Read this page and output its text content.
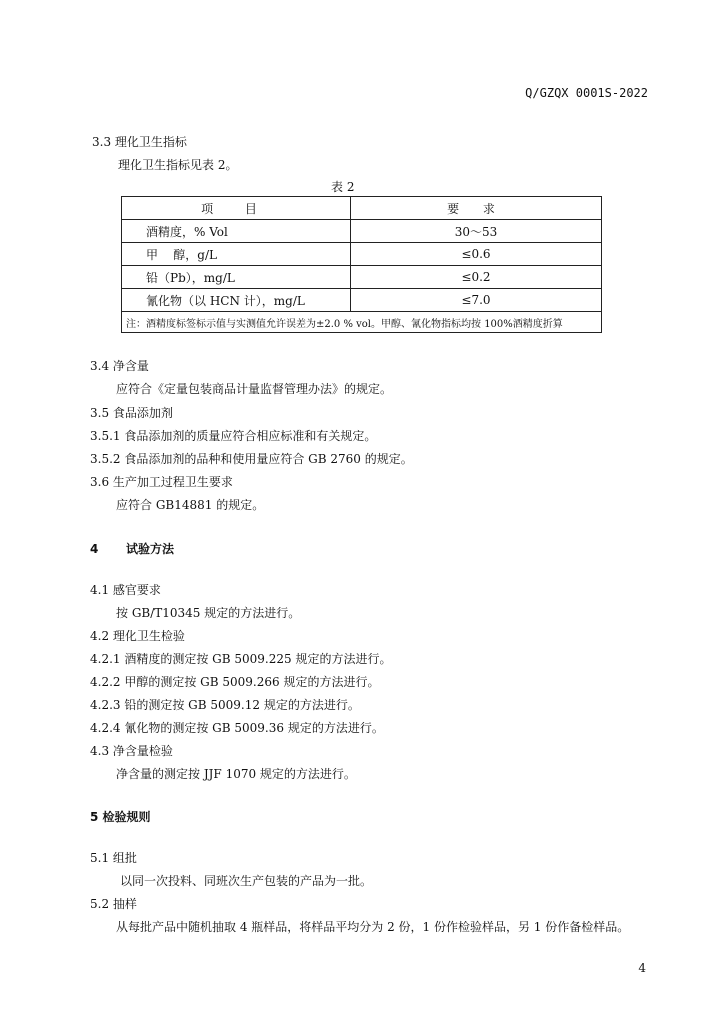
Q/GZQX 0001S-2022
3.3 理化卫生指标
理化卫生指标见表 2。
表 2
项 目	要 求
酒精度，% Vol	30～53
甲    醇，g/L	≤0.6
铅（Pb），mg/L	≤0.2
氰化物（以 HCN 计），mg/L	≤7.0
注：酒精度标签标示值与实测值允许误差为±2.0 % vol。甲醇、氰化物指标均按 100%酒精度折算	
3.4 净含量
应符合《定量包装商品计量监督管理办法》的规定。
3.5 食品添加剂
3.5.1 食品添加剂的质量应符合相应标准和有关规定。
3.5.2 食品添加剂的品种和使用量应符合 GB 2760 的规定。
3.6 生产加工过程卫生要求
应符合 GB14881 的规定。
4 试验方法
4.1 感官要求
按 GB/T10345 规定的方法进行。
4.2 理化卫生检验
4.2.1 酒精度的测定按 GB 5009.225 规定的方法进行。
4.2.2 甲醇的测定按 GB 5009.266 规定的方法进行。
4.2.3 铅的测定按 GB 5009.12 规定的方法进行。
4.2.4 氰化物的测定按 GB 5009.36 规定的方法进行。
4.3 净含量检验
净含量的测定按 JJF 1070 规定的方法进行。
5 检验规则
5.1 组批
以同一次投料、同班次生产包装的产品为一批。
5.2 抽样
从每批产品中随机抽取 4 瓶样品，将样品平均分为 2 份，1 份作检验样品，另 1 份作备检样品。
4
